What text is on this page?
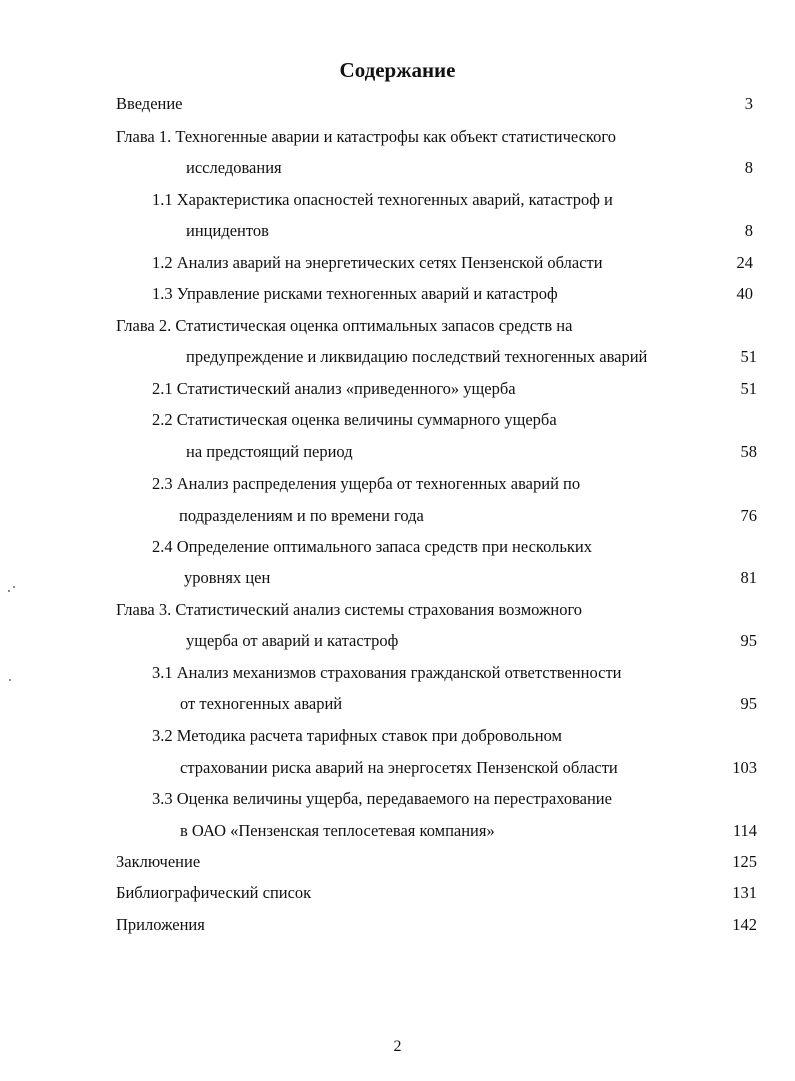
Содержание
Введение	3
Глава 1. Техногенные аварии и катастрофы как объект статистического
исследования	8
1.1 Характеристика опасностей техногенных аварий, катастроф и
инцидентов	8
1.2 Анализ аварий на энергетических сетях Пензенской области	24
1.3 Управление рисками техногенных аварий и катастроф	40
Глава 2. Статистическая оценка оптимальных запасов средств на
предупреждение и ликвидацию последствий техногенных аварий	51
2.1 Статистический анализ «приведенного» ущерба	51
2.2 Статистическая оценка величины суммарного ущерба
на предстоящий период	58
2.3 Анализ распределения ущерба от техногенных аварий по
подразделениям и по времени года	76
2.4 Определение оптимального запаса средств при нескольких
уровнях цен	81
Глава 3. Статистический анализ системы страхования возможного
ущерба от аварий и катастроф	95
3.1 Анализ механизмов страхования гражданской ответственности
от техногенных аварий	95
3.2 Методика расчета тарифных ставок при добровольном
страховании риска аварий на энергосетях Пензенской области	103
3.3 Оценка величины ущерба, передаваемого на перестрахование
в ОАО «Пензенская теплосетевая компания»	114
Заключение	125
Библиографический список	131
Приложения	142
2
